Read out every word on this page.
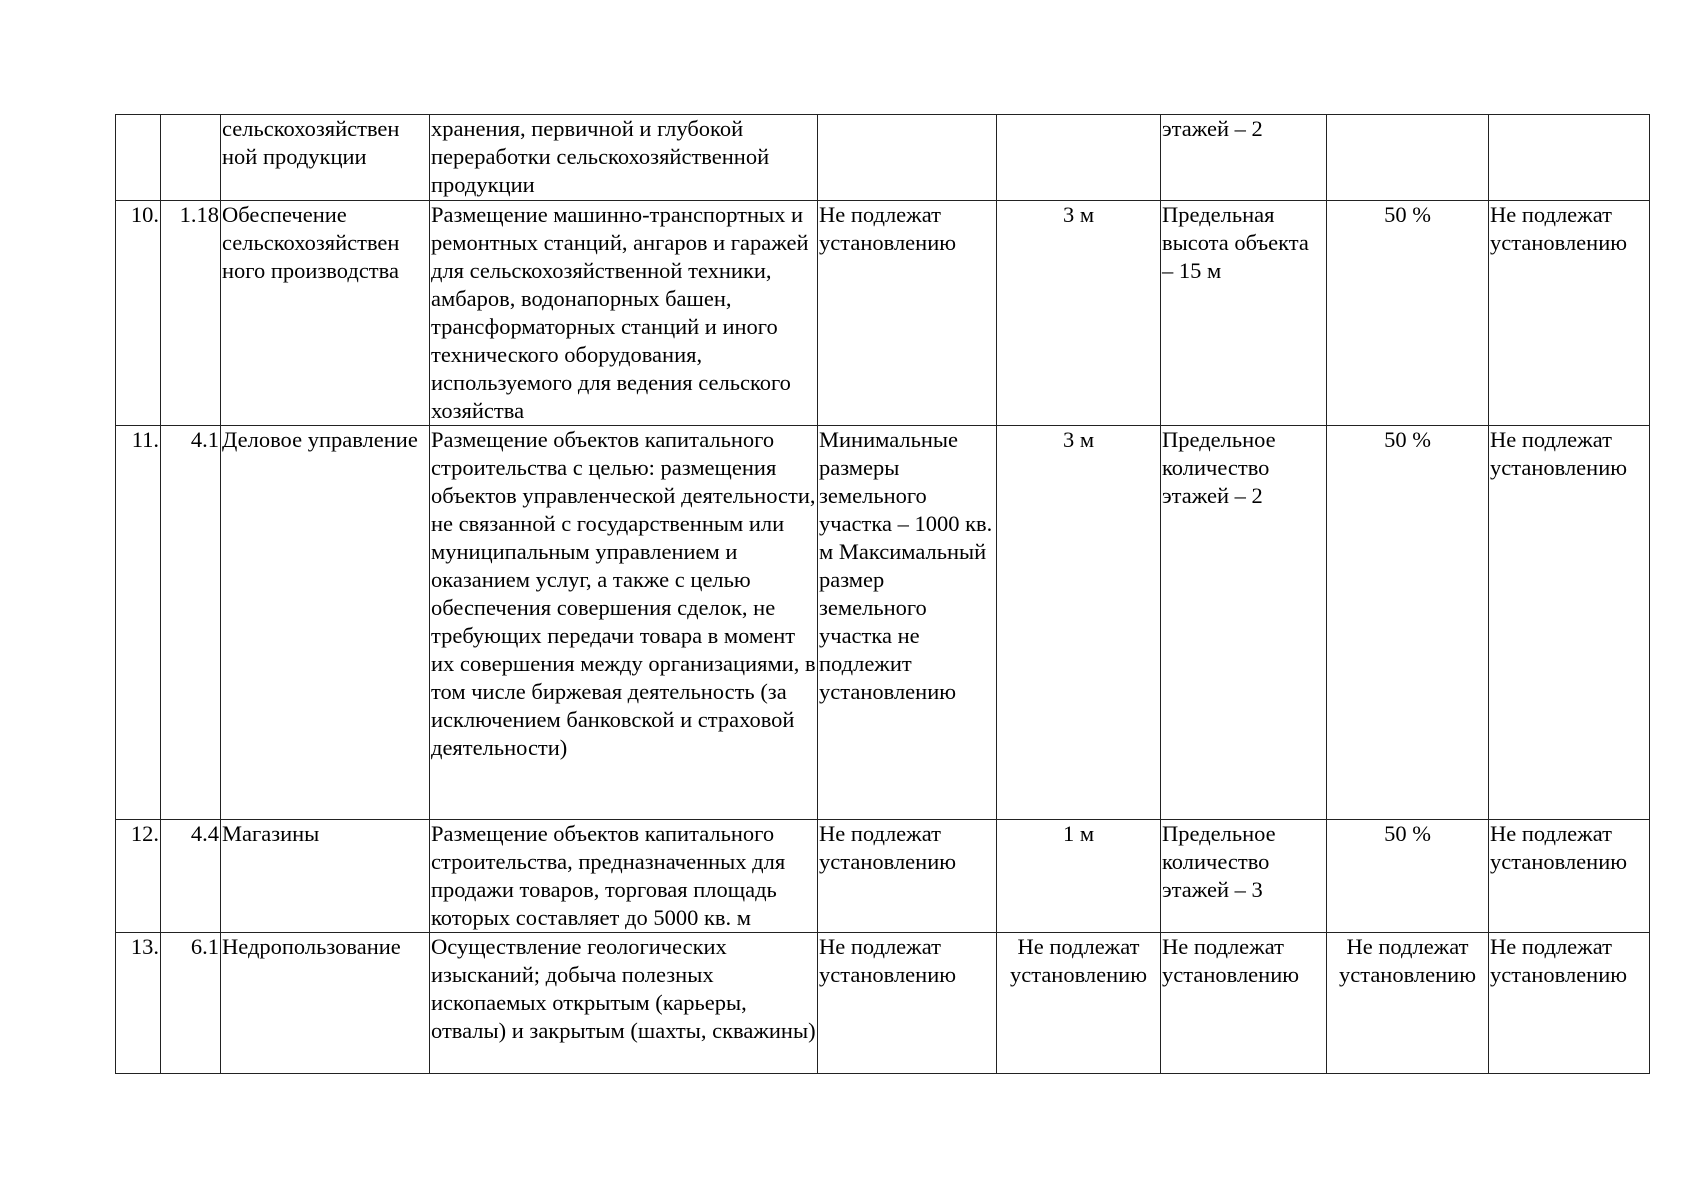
		сельскохозяйствен ной продукции	хранения, первичной и глубокой переработки сельскохозяйственной продукции			этажей – 2		
10.	1.18	Обеспечение сельскохозяйствен ного производства	Размещение машинно-транспортных и ремонтных станций, ангаров и гаражей для сельскохозяйственной техники, амбаров, водонапорных башен, трансформаторных станций и иного технического оборудования, используемого для ведения сельского хозяйства	Не подлежат установлению	3 м	Предельная высота объекта – 15 м	50 %	Не подлежат установлению
11.	4.1	Деловое управление	Размещение объектов капитального строительства с целью: размещения объектов управленческой деятельности, не связанной с государственным или муниципальным управлением и оказанием услуг, а также с целью обеспечения совершения сделок, не требующих передачи товара в момент их совершения между организациями, в том числе биржевая деятельность (за исключением банковской и страховой деятельности)	Минимальные размеры земельного участка – 1000 кв. м Максимальный размер земельного участка не подлежит установлению	3 м	Предельное количество этажей – 2	50 %	Не подлежат установлению
12.	4.4	Магазины	Размещение объектов капитального строительства, предназначенных для продажи товаров, торговая площадь которых составляет до 5000 кв. м	Не подлежат установлению	1 м	Предельное количество этажей – 3	50 %	Не подлежат установлению
13.	6.1	Недропользование	Осуществление геологических изысканий; добыча полезных ископаемых открытым (карьеры, отвалы) и закрытым (шахты, скважины)	Не подлежат установлению	Не подлежат установлению	Не подлежат установлению	Не подлежат установлению	Не подлежат установлению
